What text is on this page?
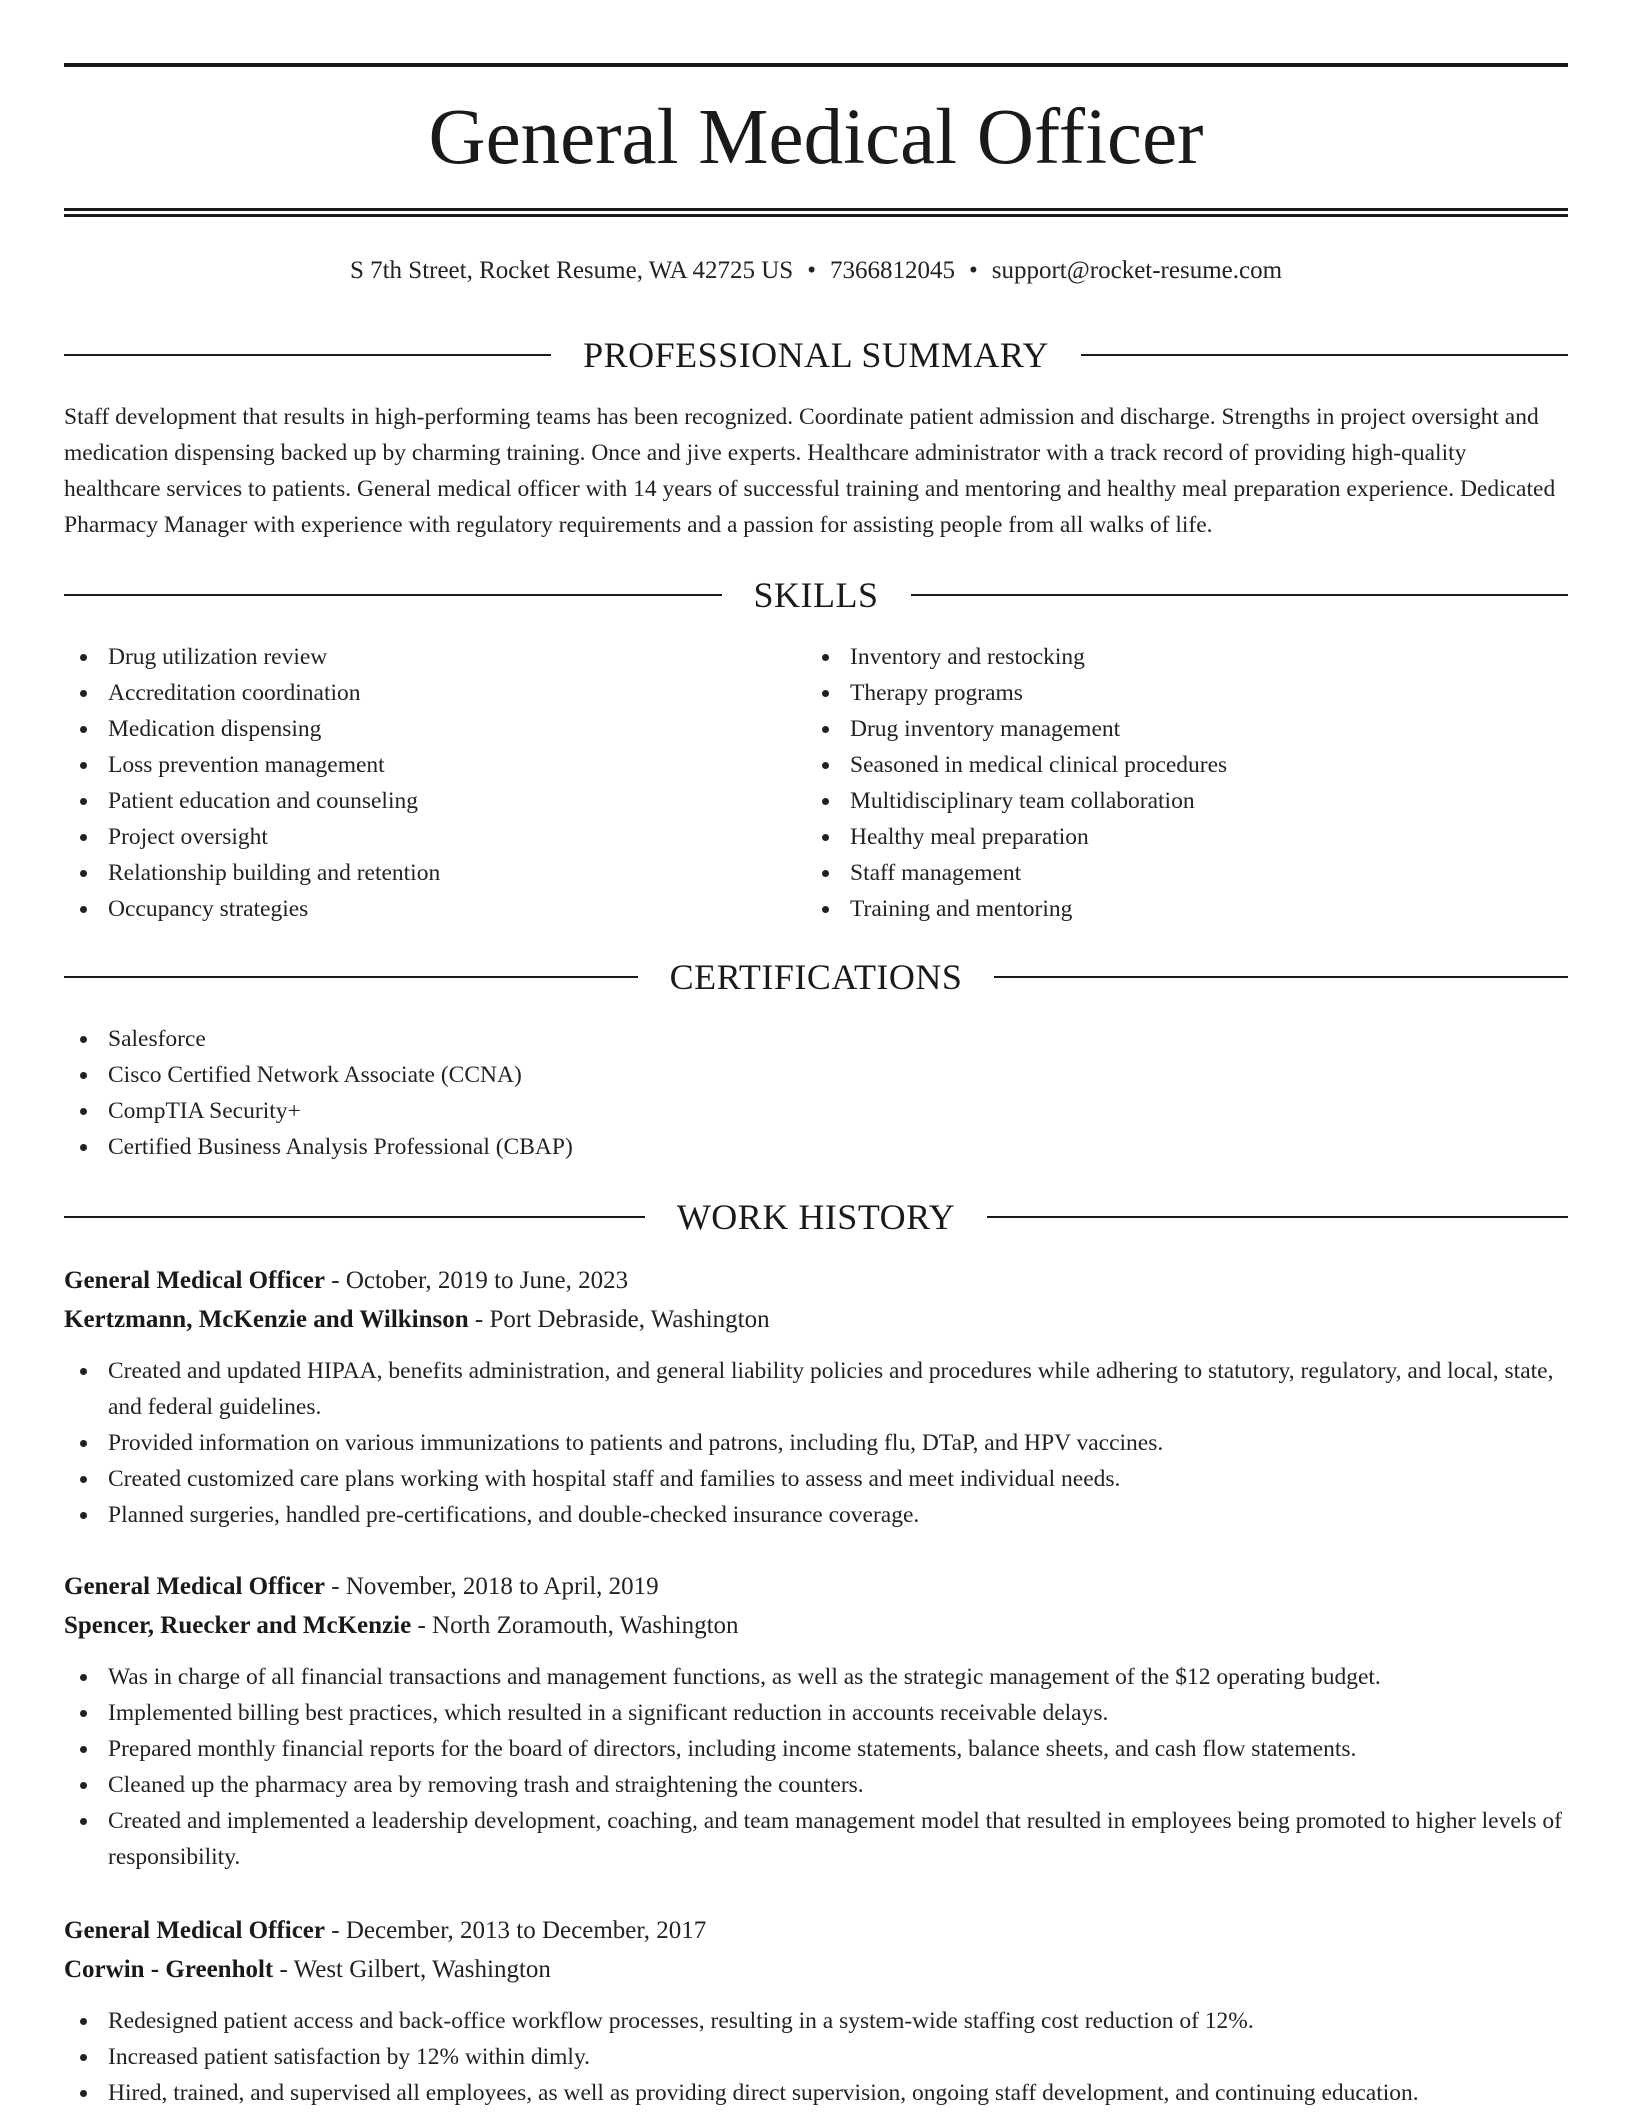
General Medical Officer
S 7th Street, Rocket Resume, WA 42725 US • 7366812045 • support@rocket-resume.com
PROFESSIONAL SUMMARY

Staff development that results in high-performing teams has been recognized. Coordinate patient admission and discharge. Strengths in project oversight and medication dispensing backed up by charming training. Once and jive experts. Healthcare administrator with a track record of providing high-quality healthcare services to patients. General medical officer with 14 years of successful training and mentoring and healthy meal preparation experience. Dedicated Pharmacy Manager with experience with regulatory requirements and a passion for assisting people from all walks of life.

SKILLS
Drug utilization review
Accreditation coordination
Medication dispensing
Loss prevention management
Patient education and counseling
Project oversight
Relationship building and retention
Occupancy strategies
Inventory and restocking
Therapy programs
Drug inventory management
Seasoned in medical clinical procedures
Multidisciplinary team collaboration
Healthy meal preparation
Staff management
Training and mentoring
CERTIFICATIONS
Salesforce
Cisco Certified Network Associate (CCNA)
CompTIA Security+
Certified Business Analysis Professional (CBAP)
WORK HISTORY
General Medical Officer - October, 2019 to June, 2023
Kertzmann, McKenzie and Wilkinson - Port Debraside, Washington
Created and updated HIPAA, benefits administration, and general liability policies and procedures while adhering to statutory, regulatory, and local, state, and federal guidelines.
Provided information on various immunizations to patients and patrons, including flu, DTaP, and HPV vaccines.
Created customized care plans working with hospital staff and families to assess and meet individual needs.
Planned surgeries, handled pre-certifications, and double-checked insurance coverage.
General Medical Officer - November, 2018 to April, 2019
Spencer, Ruecker and McKenzie - North Zoramouth, Washington
Was in charge of all financial transactions and management functions, as well as the strategic management of the $12 operating budget.
Implemented billing best practices, which resulted in a significant reduction in accounts receivable delays.
Prepared monthly financial reports for the board of directors, including income statements, balance sheets, and cash flow statements.
Cleaned up the pharmacy area by removing trash and straightening the counters.
Created and implemented a leadership development, coaching, and team management model that resulted in employees being promoted to higher levels of responsibility.
General Medical Officer - December, 2013 to December, 2017
Corwin - Greenholt - West Gilbert, Washington
Redesigned patient access and back-office workflow processes, resulting in a system-wide staffing cost reduction of 12%.
Increased patient satisfaction by 12% within dimly.
Hired, trained, and supervised all employees, as well as providing direct supervision, ongoing staff development, and continuing education.
